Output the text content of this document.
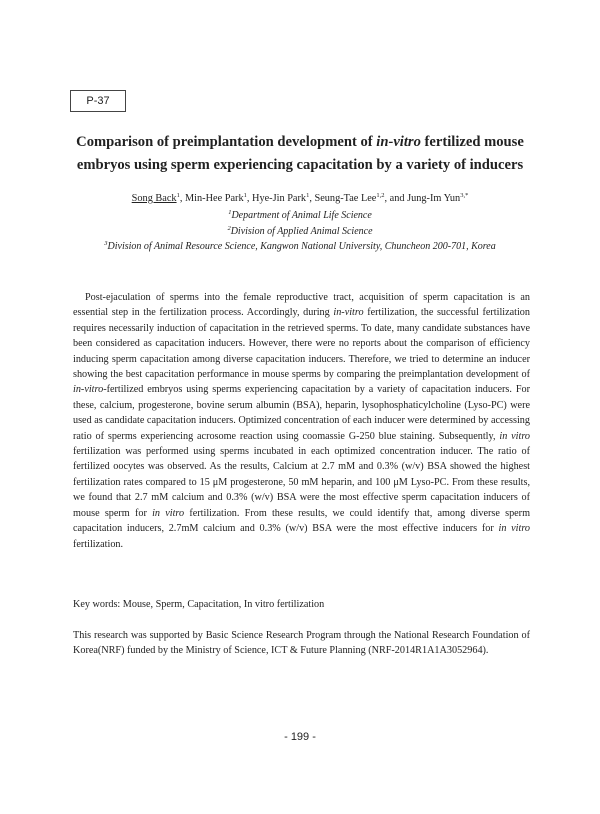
P-37
Comparison of preimplantation development of in-vitro fertilized mouse
embryos using sperm experiencing capacitation by a variety of inducers
Song Back$^1$, Min-Hee Park$^1$, Hye-Jin Park$^1$, Seung-Tae Lee$^{1,2}$, and Jung-Im Yun$^{3,*}$
$^1$Department of Animal Life Science
$^2$Division of Applied Animal Science
$^3$Division of Animal Resource Science, Kangwon National University, Chuncheon 200-701, Korea

Post-ejaculation of sperms into the female reproductive tract, acquisition of sperm capacitation is an essential step in the fertilization process. Accordingly, during in-vitro fertilization, the successful fertilization requires necessarily induction of capacitation in the retrieved sperms. To date, many candidate substances have been considered as capacitation inducers. However, there were no reports about the comparison of efficiency inducing sperm capacitation among diverse capacitation inducers. Therefore, we tried to determine an inducer showing the best capacitation performance in mouse sperms by comparing the preimplantation development of in-vitro-fertilized embryos using sperms experiencing capacitation by a variety of capacitation inducers. For these, calcium, progesterone, bovine serum albumin (BSA), heparin, lysophosphaticylcholine (Lyso-PC) were used as candidate capacitation inducers. Optimized concentration of each inducer were determined by accessing ratio of sperms experiencing acrosome reaction using coomassie G-250 blue staining. Subsequently, in vitro fertilization was performed using sperms incubated in each optimized concentration inducer. The ratio of fertilized oocytes was observed. As the results, Calcium at 2.7 mM and 0.3% (w/v) BSA showed the highest fertilization rates compared to 15 μM progesterone, 50 mM heparin, and 100 μM Lyso-PC. From these results, we found that 2.7 mM calcium and 0.3% (w/v) BSA were the most effective sperm capacitation inducers of mouse sperm for in vitro fertilization. From these results, we could identify that, among diverse sperm capacitation inducers, 2.7mM calcium and 0.3% (w/v) BSA were the most effective inducers for in vitro fertilization.

Key words: Mouse, Sperm, Capacitation, In vitro fertilization

This research was supported by Basic Science Research Program through the National Research Foundation of Korea(NRF) funded by the Ministry of Science, ICT & Future Planning (NRF-2014R1A1A3052964).

- 199 -
